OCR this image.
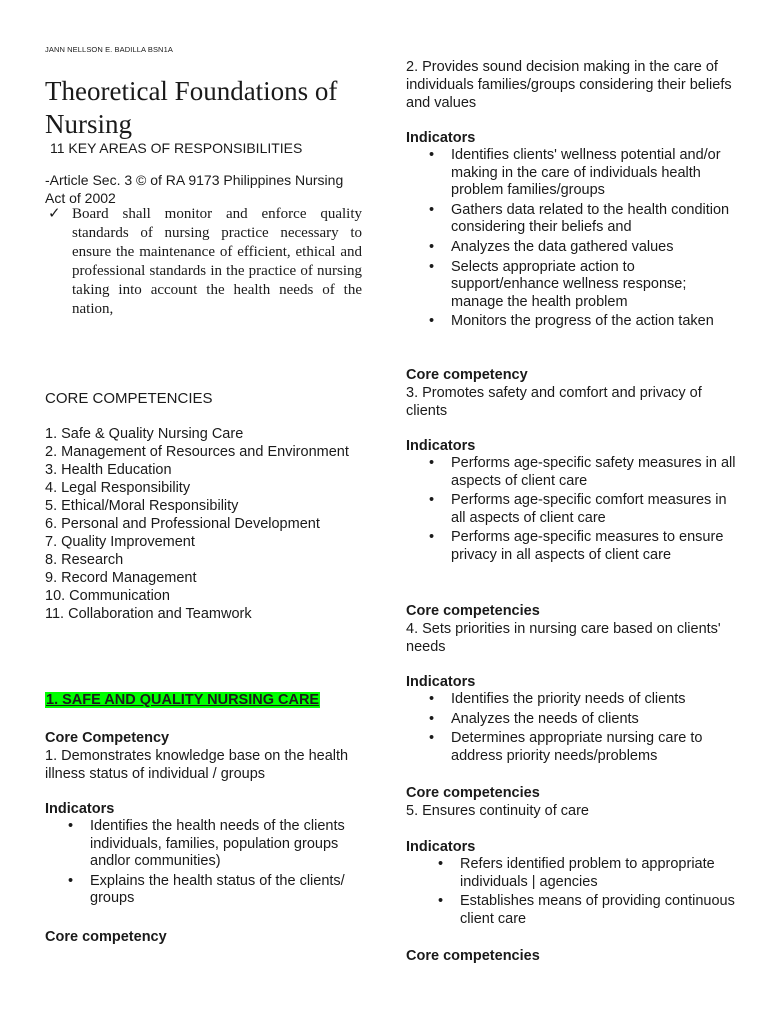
JANN NELLSON E. BADILLA BSN1A
Theoretical Foundations of Nursing
11 KEY AREAS OF RESPONSIBILITIES
-Article Sec. 3 © of RA 9173 Philippines Nursing Act of 2002
✓ Board shall monitor and enforce quality standards of nursing practice necessary to ensure the maintenance of efficient, ethical and professional standards in the practice of nursing taking into account the health needs of the nation,
CORE COMPETENCIES
1. Safe & Quality Nursing Care
2. Management of Resources and Environment
3. Health Education
4. Legal Responsibility
5. Ethical/Moral Responsibility
6. Personal and Professional Development
7. Quality Improvement
8. Research
9. Record Management
10. Communication
11. Collaboration and Teamwork
1. SAFE AND QUALITY NURSING CARE
Core Competency
1. Demonstrates knowledge base on the health illness status of individual / groups
Indicators
• Identifies the health needs of the clients individuals, families, population groups andlor communities)
• Explains the health status of the clients/ groups
Core competency
2. Provides sound decision making in the care of individuals families/groups considering their beliefs and values
Indicators
• Identifies clients' wellness potential and/or making in the care of individuals health problem families/groups
• Gathers data related to the health condition considering their beliefs and
• Analyzes the data gathered values
• Selects appropriate action to support/enhance wellness response; manage the health problem
• Monitors the progress of the action taken
Core competency
3. Promotes safety and comfort and privacy of clients
Indicators
• Performs age-specific safety measures in all aspects of client care
• Performs age-specific comfort measures in all aspects of client care
• Performs age-specific measures to ensure privacy in all aspects of client care
Core competencies
4. Sets priorities in nursing care based on clients' needs
Indicators
• Identifies the priority needs of clients
• Analyzes the needs of clients
• Determines appropriate nursing care to address priority needs/problems
Core competencies
5. Ensures continuity of care
Indicators
• Refers identified problem to appropriate individuals | agencies
• Establishes means of providing continuous client care
Core competencies
